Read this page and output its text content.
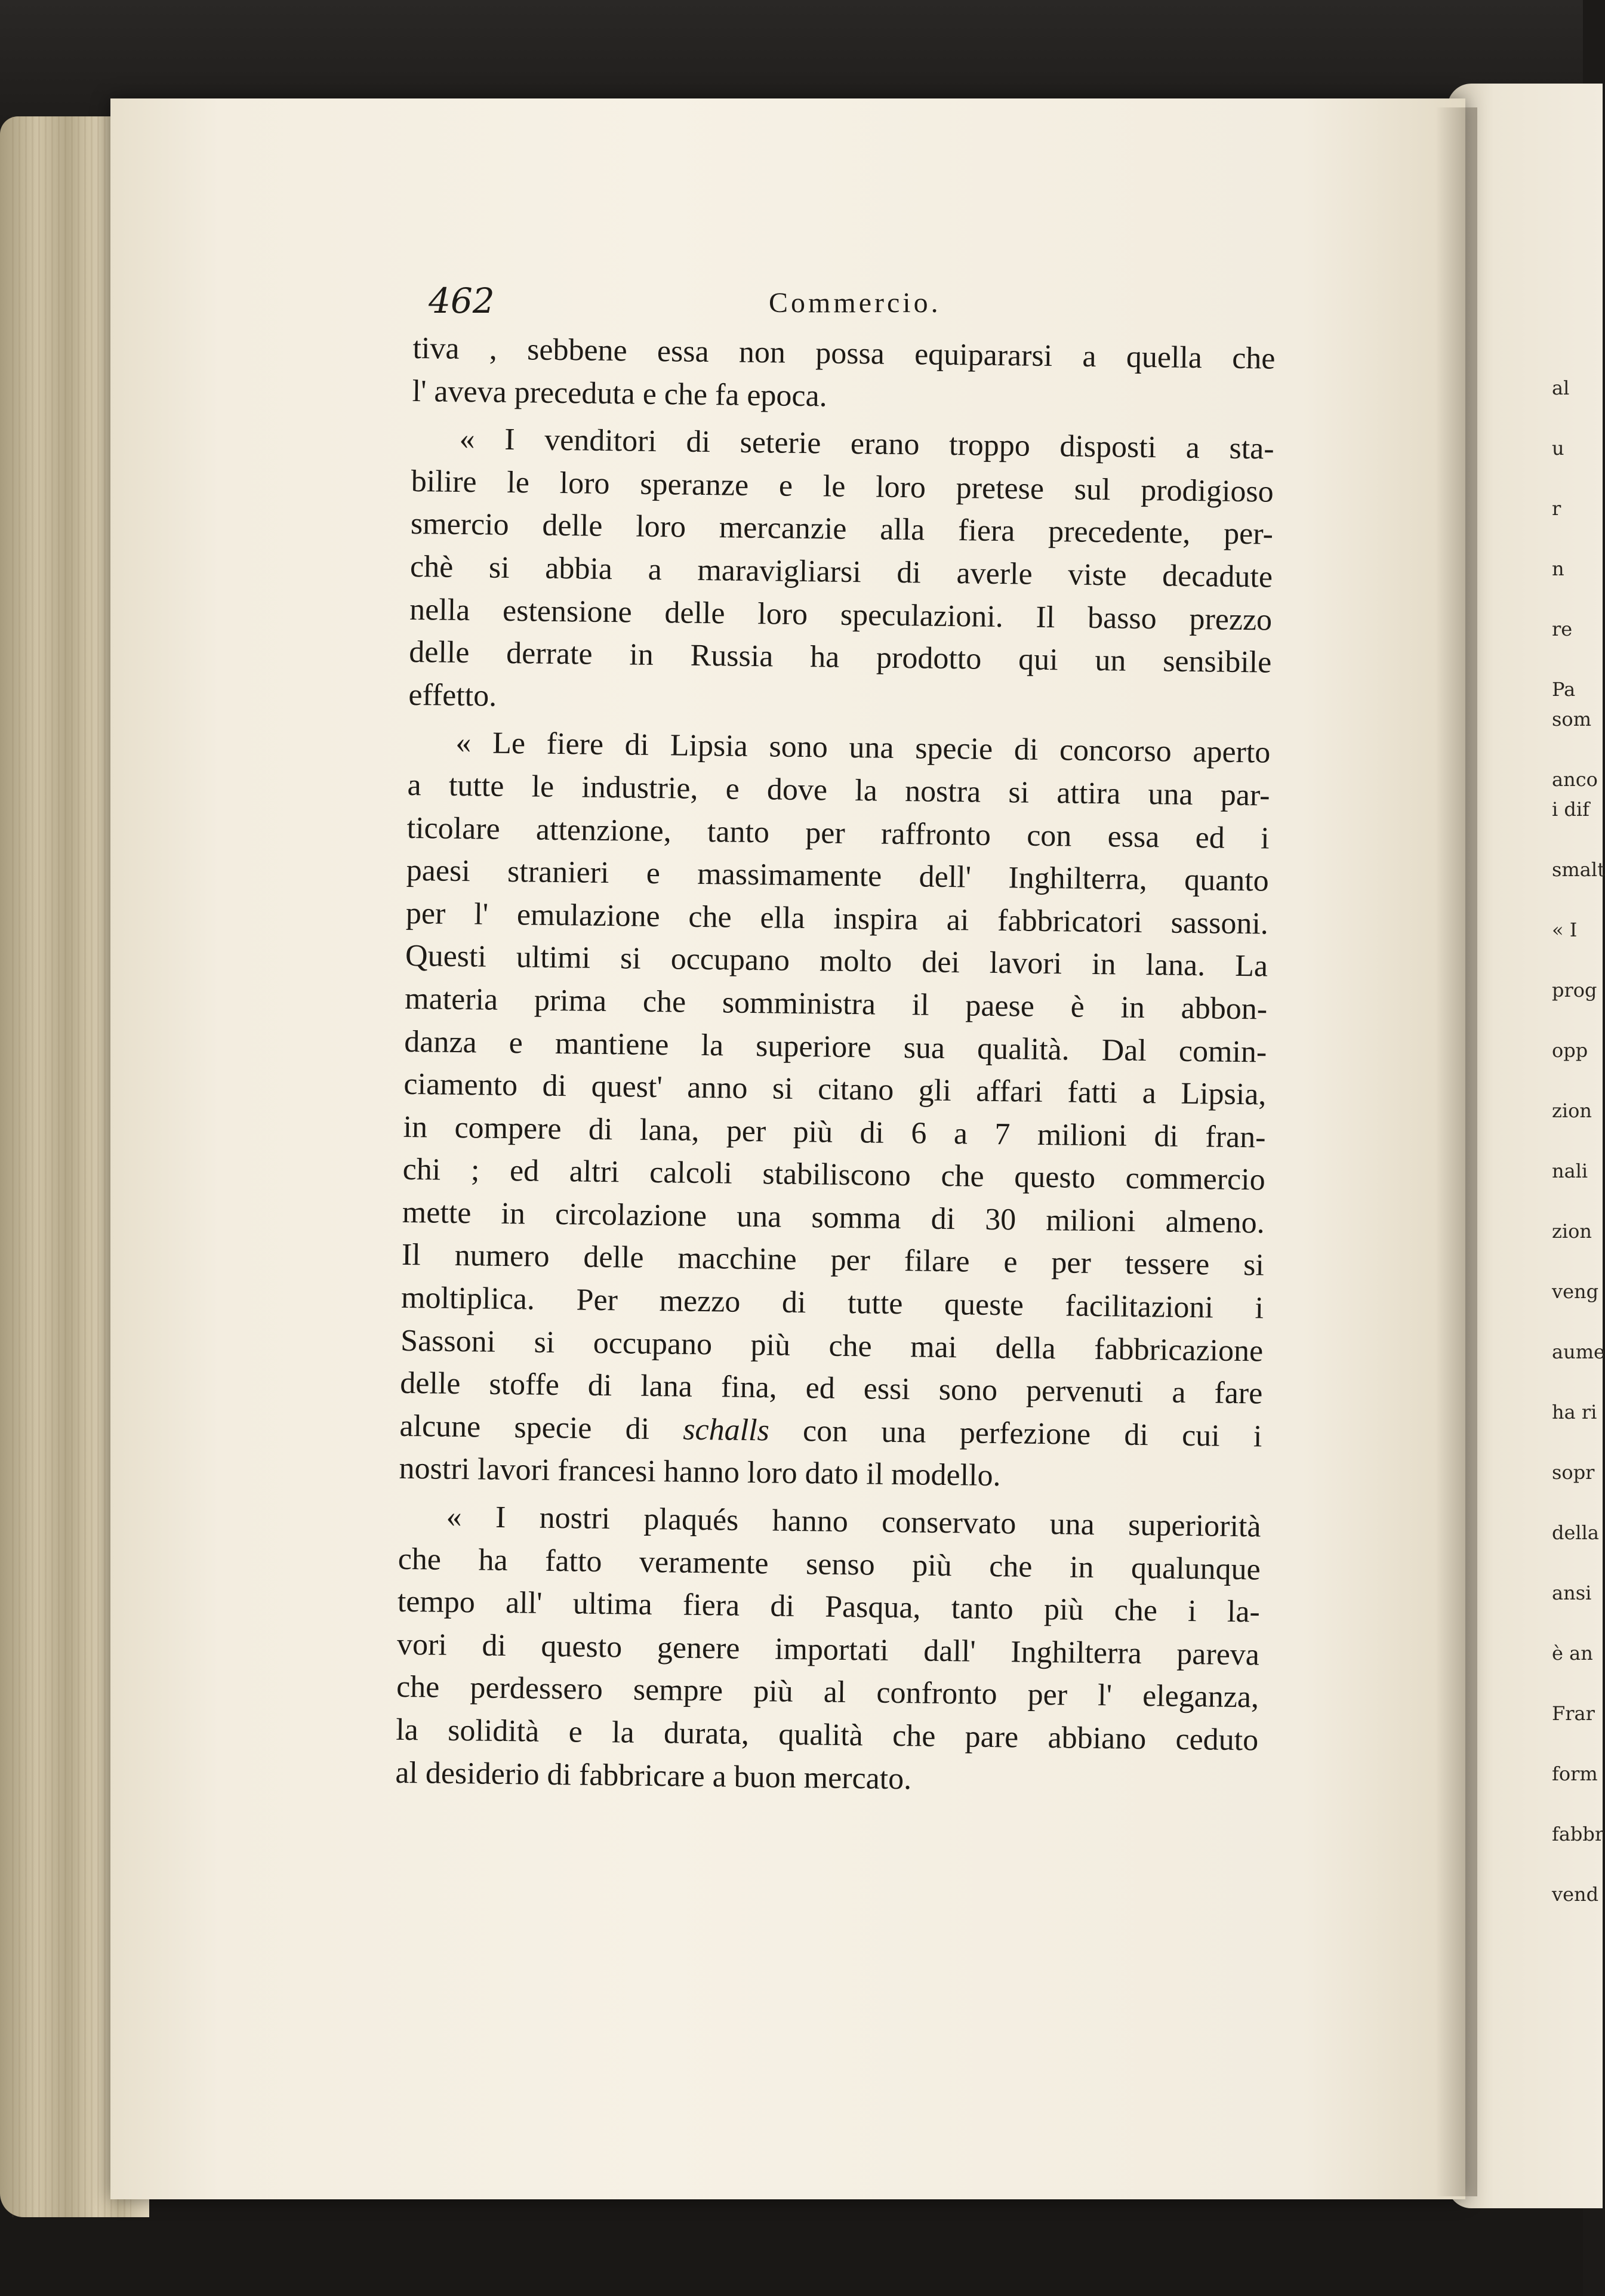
al
u
r
n
re
Pa
som
anco
i dif
smalt
« I
prog
opp
zion
nali
zion
veng
aume
ha ri
sopr
della
ansi
è an
Frar
form
fabbr
vend
462	Commercio.
tiva , sebbene essa non possa equipararsi a quella che
l' aveva preceduta e che fa epoca.
« I venditori di seterie erano troppo disposti a sta-
bilire le loro speranze e le loro pretese sul prodigioso
smercio delle loro mercanzie alla fiera precedente, per-
chè si abbia a maravigliarsi di averle viste decadute
nella estensione delle loro speculazioni. Il basso prezzo
delle derrate in Russia ha prodotto qui un sensibile
effetto.
« Le fiere di Lipsia sono una specie di concorso aperto
a tutte le industrie, e dove la nostra si attira una par-
ticolare attenzione, tanto per raffronto con essa ed i
paesi stranieri e massimamente dell' Inghilterra, quanto
per l' emulazione che ella inspira ai fabbricatori sassoni.
Questi ultimi si occupano molto dei lavori in lana. La
materia prima che somministra il paese è in abbon-
danza e mantiene la superiore sua qualità. Dal comin-
ciamento di quest' anno si citano gli affari fatti a Lipsia,
in compere di lana, per più di 6 a 7 milioni di fran-
chi ; ed altri calcoli stabiliscono che questo commercio
mette in circolazione una somma di 30 milioni almeno.
Il numero delle macchine per filare e per tessere si
moltiplica. Per mezzo di tutte queste facilitazioni i
Sassoni si occupano più che mai della fabbricazione
delle stoffe di lana fina, ed essi sono pervenuti a fare
alcune specie di schalls con una perfezione di cui i
nostri lavori francesi hanno loro dato il modello.
« I nostri plaqués hanno conservato una superiorità
che ha fatto veramente senso più che in qualunque
tempo all' ultima fiera di Pasqua, tanto più che i la-
vori di questo genere importati dall' Inghilterra pareva
che perdessero sempre più al confronto per l' eleganza,
la solidità e la durata, qualità che pare abbiano ceduto
al desiderio di fabbricare a buon mercato.
